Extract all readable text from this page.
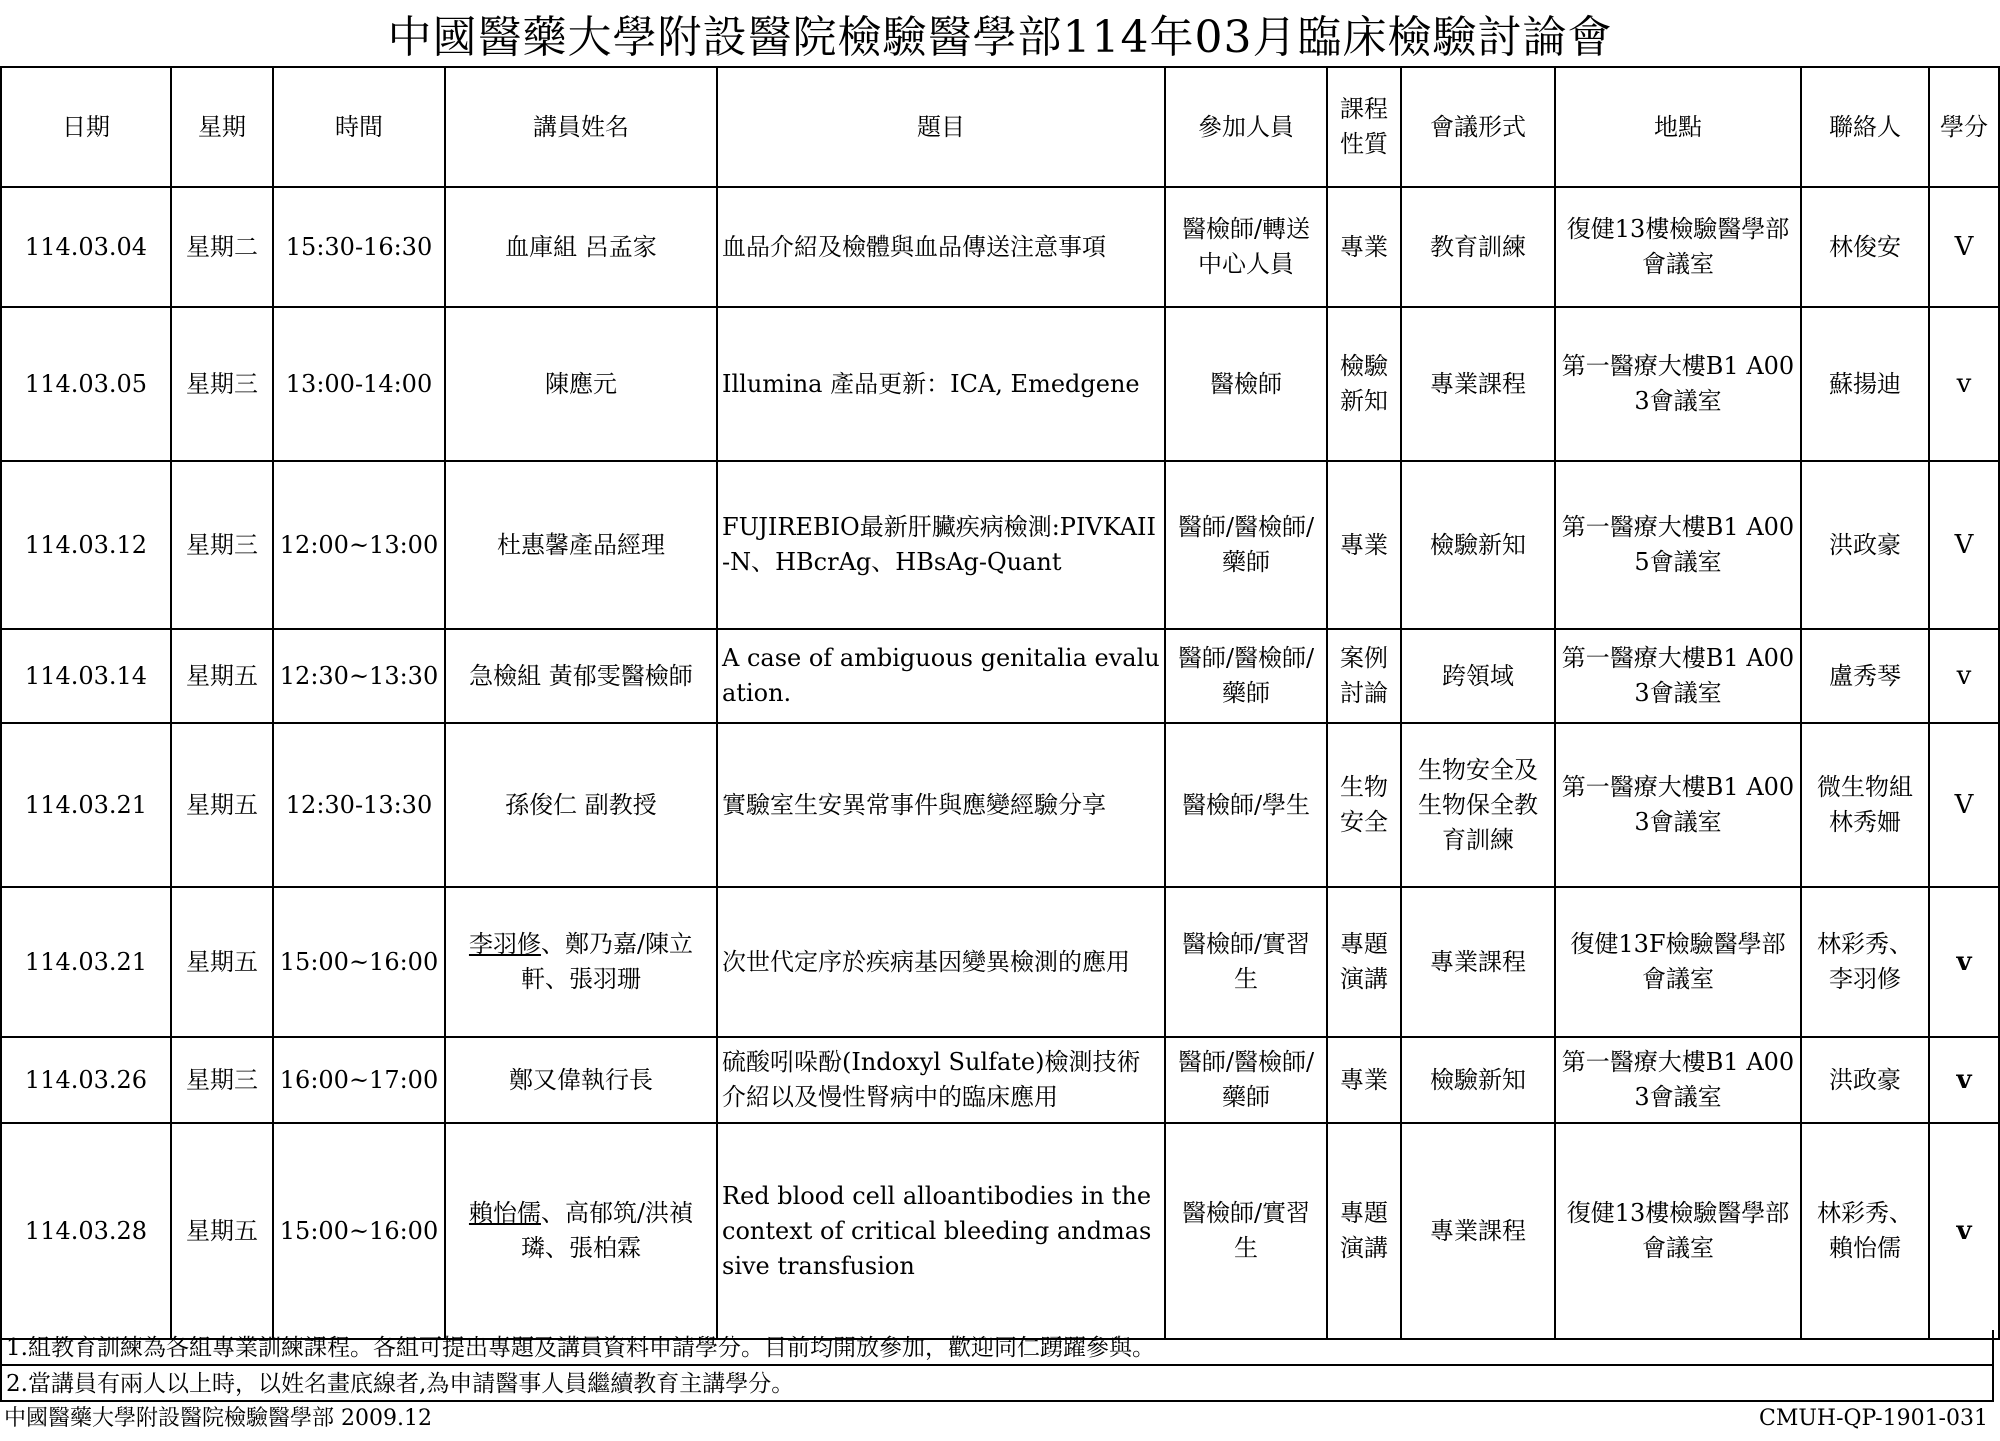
中國醫藥大學附設醫院檢驗醫學部114年03月臨床檢驗討論會
日期	星期	時間	講員姓名	題目	參加人員	課程性質	會議形式	地點	聯絡人	學分
114.03.04	星期二	15:30-16:30	血庫組 呂孟家	血品介紹及檢體與血品傳送注意事項	醫檢師/轉送中心人員	專業	教育訓練	復健13樓檢驗醫學部會議室	林俊安	V
114.03.05	星期三	13:00-14:00	陳應元	Illumina 產品更新：ICA, Emedgene	醫檢師	檢驗新知	專業課程	第一醫療大樓B1 A003會議室	蘇揚迪	v
114.03.12	星期三	12:00~13:00	杜惠馨產品經理	FUJIREBIO最新肝臟疾病檢測:PIVKAII-N、HBcrAg、HBsAg-Quant	醫師/醫檢師/藥師	專業	檢驗新知	第一醫療大樓B1 A005會議室	洪政豪	V
114.03.14	星期五	12:30~13:30	急檢組 黃郁雯醫檢師	A case of ambiguous genitalia evaluation.	醫師/醫檢師/藥師	案例討論	跨領域	第一醫療大樓B1 A003會議室	盧秀琴	v
114.03.21	星期五	12:30-13:30	孫俊仁 副教授	實驗室生安異常事件與應變經驗分享	醫檢師/學生	生物安全	生物安全及生物保全教育訓練	第一醫療大樓B1 A003會議室	微生物組 林秀姍	V
114.03.21	星期五	15:00~16:00	李羽修、鄭乃嘉/陳立軒、張羽珊	次世代定序於疾病基因變異檢測的應用	醫檢師/實習生	專題演講	專業課程	復健13F檢驗醫學部會議室	林彩秀、李羽修	v
114.03.26	星期三	16:00~17:00	鄭又偉執行長	硫酸吲哚酚(Indoxyl Sulfate)檢測技術介紹以及慢性腎病中的臨床應用	醫師/醫檢師/藥師	專業	檢驗新知	第一醫療大樓B1 A003會議室	洪政豪	v
114.03.28	星期五	15:00~16:00	賴怡儒、高郁筑/洪禎璘、張柏霖	Red blood cell alloantibodies in thecontext of critical bleeding andmassive transfusion	醫檢師/實習生	專題演講	專業課程	復健13樓檢驗醫學部會議室	林彩秀、賴怡儒	v
1.組教育訓練為各組專業訓練課程。各組可提出專題及講員資料申請學分。目前均開放參加，歡迎同仁踴躍參與。
2.當講員有兩人以上時，以姓名畫底線者,為申請醫事人員繼續教育主講學分。
中國醫藥大學附設醫院檢驗醫學部 2009.12	CMUH-QP-1901-031
